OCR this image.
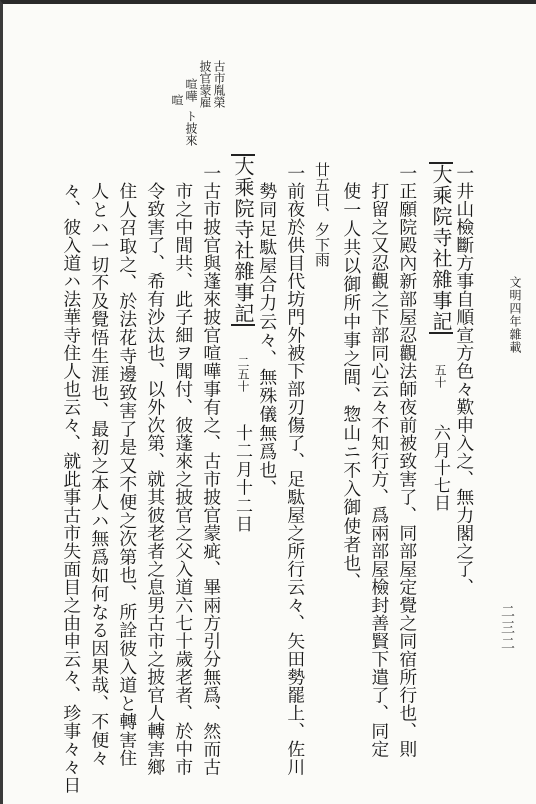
文明四年雜載
二三二
古市胤榮
披官蒙雇
喧嘩
ト披來
喧
一井山檢斷方事自順宣方色々歎申入之、無力閣之了、
大乘院寺社雜事記
五十
六月十七日
一正願院殿內新部屋忍觀法師夜前被致害了、同部屋定覺之同宿所行也、則
打留之又忍觀之下部同心云々不知行方、爲兩部屋檢封善賢下遣了、同定
使一人共以御所中事之間、惣山ニ不入御使者也、
廿五日、夕下雨
一前夜於供目代坊門外被下部刃傷了、足駄屋之所行云々、矢田勢罷上、佐川
勢同足駄屋合力云々、無殊儀無爲也、
大乘院寺社雜事記
二五十
十二月十二日
一古市披官與蓬來披官喧嘩事有之、古市披官蒙疵、畢兩方引分無爲、然而古
市之中間共、此子細ヲ聞付、彼蓬來之披官之父入道六七十歲老者、於中市
令致害了、希有沙汰也、以外次第、就其彼老者之息男古市之披官人轉害鄉
住人召取之、於法花寺邊致害了是又不便之次第也、所詮彼入道と轉害住
人とハ一切不及覺悟生涯也、最初之本人ハ無爲如何なる因果哉、不便々
々、彼入道ハ法華寺住人也云々、就此事古市失面目之由申云々、珍事々々日
